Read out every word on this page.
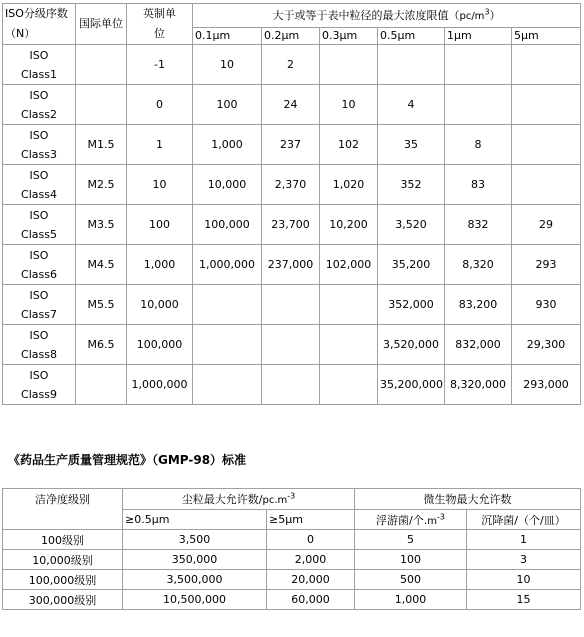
ISO分级序数（N）	国际单位	英制单位	大于或等于表中粒径的最大浓度限值$(pc/m^3)$					
			0.1μm	0.2μm	0.3μm	0.5μm	1μm	5μm

ISO
Class1		-1	10	2				

ISO
Class2		0	100	24	10	4		

ISO
Class3	M1.5	1	1,000	237	102	35	8	

ISO
Class4	M2.5	10	10,000	2,370	1,020	352	83	

ISO
Class5	M3.5	100	100,000	23,700	10,200	3,520	832	29

ISO
Class6	M4.5	1,000	1,000,000	237,000	102,000	35,200	8,320	293

ISO
Class7	M5.5	10,000				352,000	83,200	930

ISO
Class8	M6.5	100,000				3,520,000	832,000	29,300

ISO
Class9		1,000,000				35,200,000	8,320,000	293,000
《药品生产质量管理规范》（GMP-98）标准
洁净度级别	尘粒最大允许数$/pc.m^{-3}$		微生物最大允许数	
	≥0.5μm	≥5μm	浮游菌/个$.m^{-3}$	沉降菌/（个/皿）
100级别	3,500	0	5	1
10,000级别	350,000	2,000	100	3
100,000级别	3,500,000	20,000	500	10
300,000级别	10,500,000	60,000	1,000	15
